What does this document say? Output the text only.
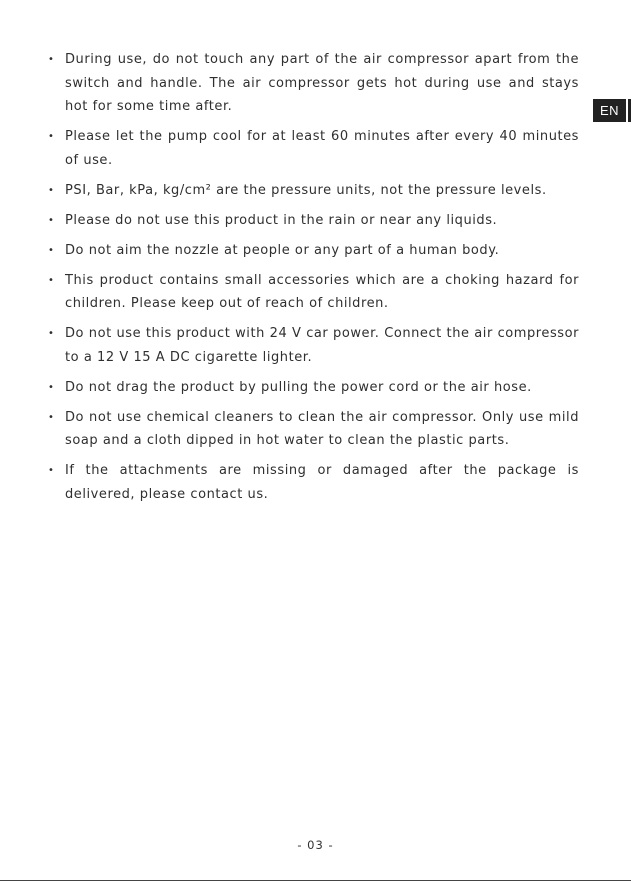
• During use, do not touch any part of the air compressor apart from the switch and handle. The air compressor gets hot during use and stays hot for some time after.
• Please let the pump cool for at least 60 minutes after every 40 minutes of use.
• PSI, Bar, kPa, kg/cm² are the pressure units, not the pressure levels.
• Please do not use this product in the rain or near any liquids.
• Do not aim the nozzle at people or any part of a human body.
• This product contains small accessories which are a choking hazard for children. Please keep out of reach of children.
• Do not use this product with 24 V car power. Connect the air compressor to a 12 V 15 A DC cigarette lighter.
• Do not drag the product by pulling the power cord or the air hose.
• Do not use chemical cleaners to clean the air compressor. Only use mild soap and a cloth dipped in hot water to clean the plastic parts.
• If the attachments are missing or damaged after the package is delivered, please contact us.
EN
- 03 -
